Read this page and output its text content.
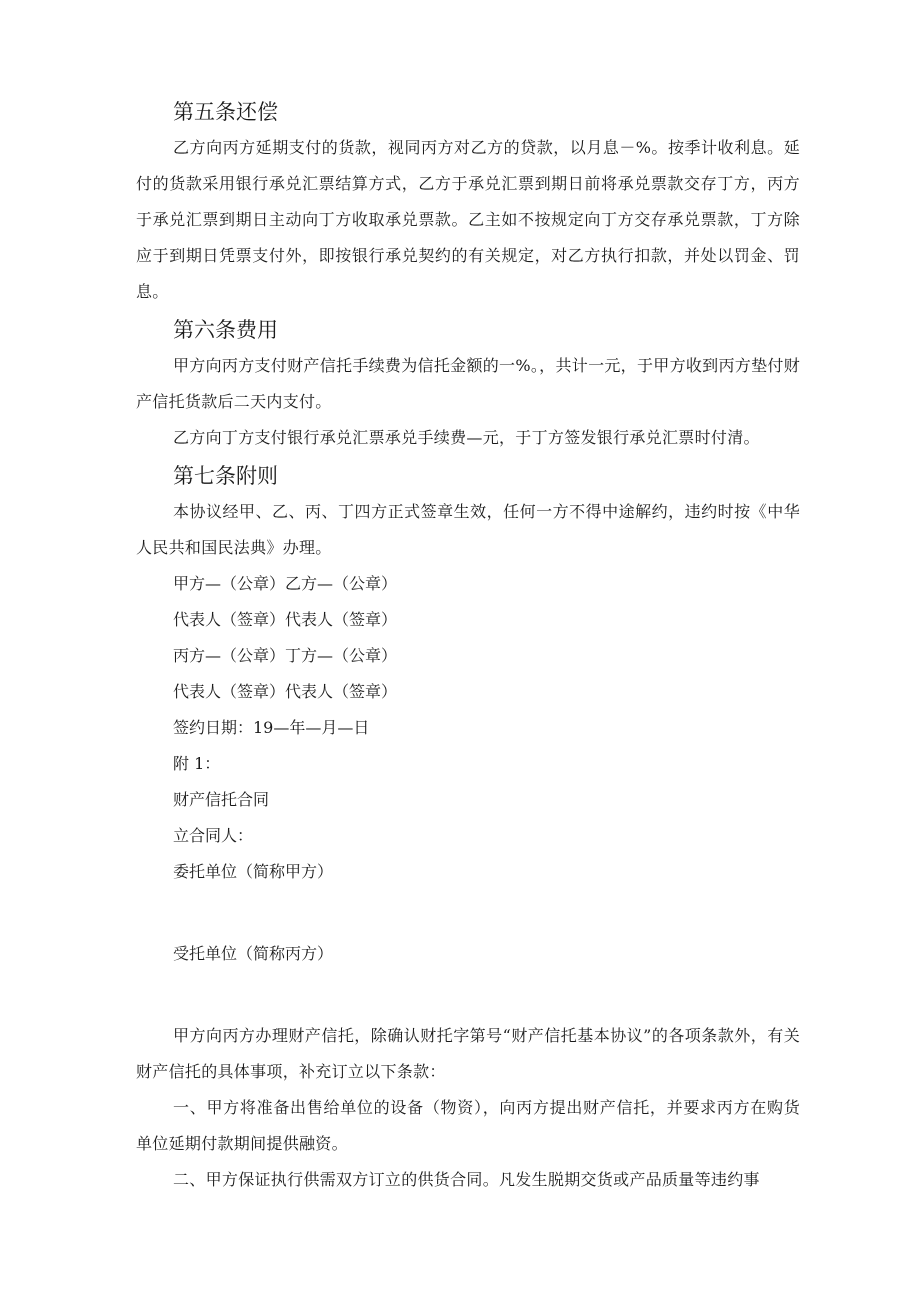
第五条还偿

乙方向丙方延期支付的货款，视同丙方对乙方的贷款，以月息－%。按季计收利息。延付的货款采用银行承兑汇票结算方式，乙方于承兑汇票到期日前将承兑票款交存丁方，丙方于承兑汇票到期日主动向丁方收取承兑票款。乙主如不按规定向丁方交存承兑票款，丁方除应于到期日凭票支付外，即按银行承兑契约的有关规定，对乙方执行扣款，并处以罚金、罚息。

第六条费用

甲方向丙方支付财产信托手续费为信托金额的一%。，共计一元，于甲方收到丙方垫付财产信托货款后二天内支付。

乙方向丁方支付银行承兑汇票承兑手续费—元，于丁方签发银行承兑汇票时付清。

第七条附则

本协议经甲、乙、丙、丁四方正式签章生效，任何一方不得中途解约，违约时按《中华人民共和国民法典》办理。

甲方—（公章）乙方—（公章）
代表人（签章）代表人（签章）
丙方—（公章）丁方—（公章）
代表人（签章）代表人（签章）
签约日期：19—年—月—日
附 1：
财产信托合同
立合同人：
委托单位（简称甲方）
受托单位（简称丙方）

甲方向丙方办理财产信托，除确认财托字第号“财产信托基本协议”的各项条款外，有关财产信托的具体事项，补充订立以下条款：

一、甲方将准备出售给单位的设备（物资），向丙方提出财产信托，并要求丙方在购货单位延期付款期间提供融资。

二、甲方保证执行供需双方订立的供货合同。凡发生脱期交货或产品质量等违约事
